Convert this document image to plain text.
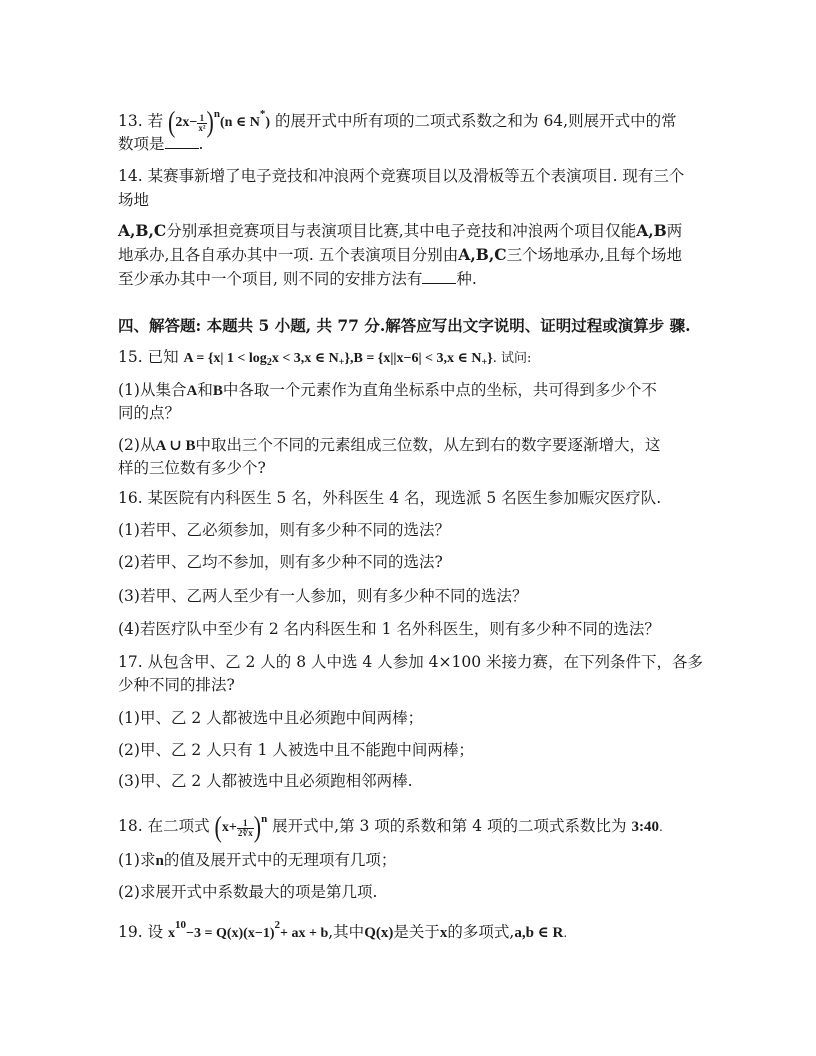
13. 若 $(2x- \frac{1}{\text{x²}} )^n(n$ ∈ N*) 的展开式中所有项的二项式系数之和为 64,则展开式中的常
数项是 .
14. 某赛事新增了电子竞技和冲浪两个竞赛项目以及滑板等五个表演项目. 现有三个
场地
A,B,C分别承担竞赛项目与表演项目比赛,其中电子竞技和冲浪两个项目仅能A,B两
地承办,且各自承办其中一项. 五个表演项目分别由A,B,C三个场地承办,且每个场地
至少承办其中一个项目, 则不同的安排方法有 种.
四、解答题: 本题共 5 小题, 共 77 分.解答应写出文字说明、证明过程或演算步 骤.
15. 已知 A = {x| $1 < \log_2x < 3,x$ ∈ $N_+\},B = \{x||x-6| < 3,x$ ∈ $N_+$}. 试问:
(1)从集合A和B中各取一个元素作为直角坐标系中点的坐标，共可得到多少个不
同的点？
(2)从A ∪ B中取出三个不同的元素组成三位数，从左到右的数字要逐渐增大，这
样的三位数有多少个?
16. 某医院有内科医生 5 名，外科医生 4 名，现选派 5 名医生参加赈灾医疗队.
(1)若甲、乙必须参加，则有多少种不同的选法？
(2)若甲、乙均不参加，则有多少种不同的选法?
(3)若甲、乙两人至少有一人参加，则有多少种不同的选法？
(4)若医疗队中至少有 2 名内科医生和 1 名外科医生，则有多少种不同的选法？
17. 从包含甲、乙 2 人的 8 人中选 4 人参加 4×100 米接力赛，在下列条件下，各多
少种不同的排法?
(1)甲、乙 2 人都被选中且必须跑中间两棒；
(2)甲、乙 2 人只有 1 人被选中且不能跑中间两棒；
(3)甲、乙 2 人都被选中且必须跑相邻两棒.
18. 在二项式 $(x+ \frac{1}{2∜x} )^n$ 展开式中,第 3 项的系数和第 4 项的二项式系数比为 3:40.
(1)求n的值及展开式中的无理项有几项；
(2)求展开式中系数最大的项是第几项.
19. 设 $x^{10}-3 = Q(x)(x-1)^2+$ ax + b,其中Q(x)是关于x的多项式,a,b ∈ R.
